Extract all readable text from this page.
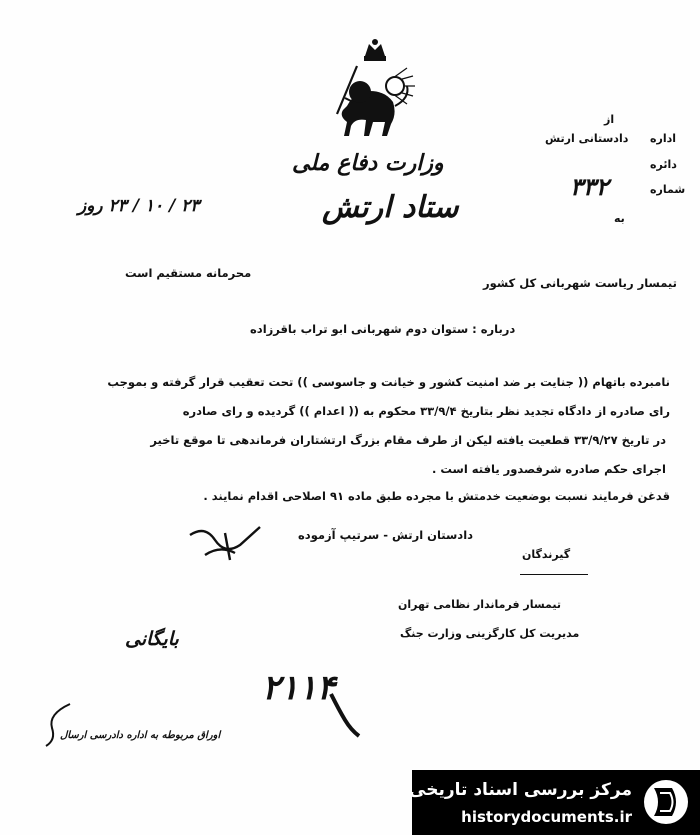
وزارت دفاع ملی
ستاد ارتش
از
اداره
دادستانی ارتش
دائره
شماره
۳۳۲
به
۲۳ / ۱۰ / ۲۳ روز
محرمانه مستقیم است
تیمسار ریاست شهربانی کل کشور
درباره : ستوان دوم شهربانی ابو تراب باقرزاده
نامبرده باتهام (( جنایت بر ضد امنیت کشور و خیانت و جاسوسی )) تحت تعقیب قرار گرفته و بموجب
رای صادره از دادگاه تجدید نظر بتاریخ ۳۳/۹/۴ محکوم به (( اعدام )) گردیده و رای صادره
در تاریخ ۳۳/۹/۲۷ قطعیت یافته لیکن از طرف مقام بزرگ ارتشتاران فرماندهی تا موقع تاخیر
اجرای حکم صادره شرفصدور یافته است .
قدغن فرمایند نسبت بوضعیت خدمتش با مجرده طبق ماده ۹۱ اصلاحی اقدام نمایند .
دادستان ارتش - سرتیپ آزموده
گیرندگان
تیمسار فرماندار نظامی تهران
مدیریت کل کارگزینی وزارت جنگ
بایگانی
۲۱۱۴
اوراق مربوطه به اداره دادرسی ارسال
مرکز بررسی اسناد تاریخی
historydocuments.ir
